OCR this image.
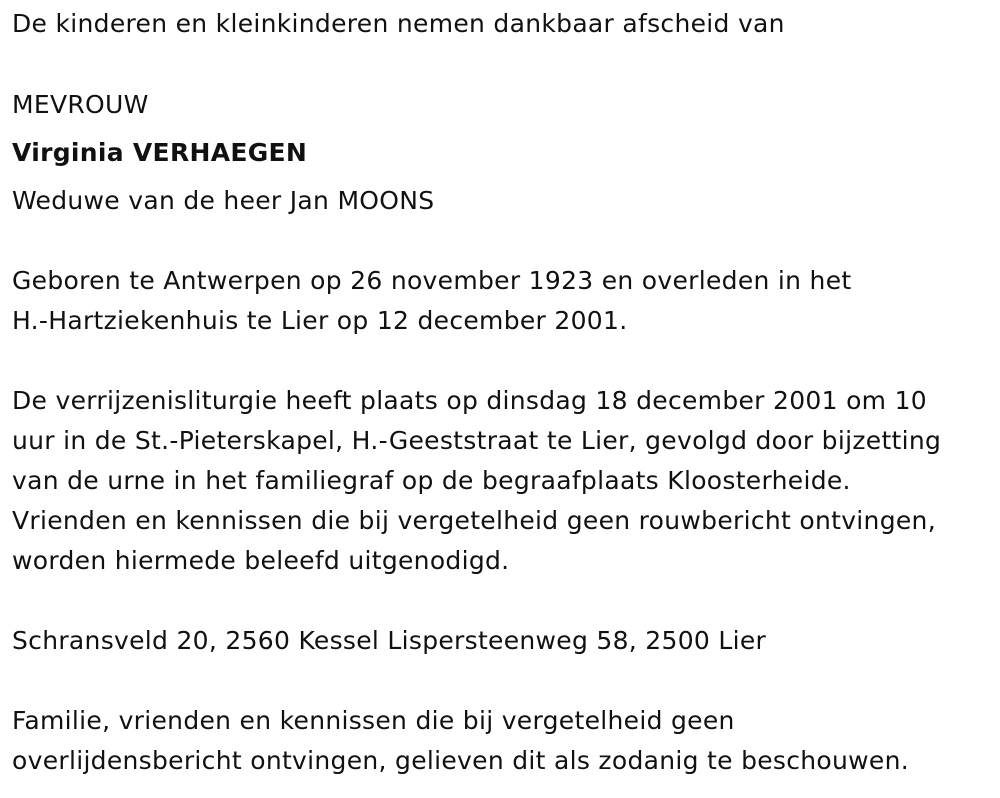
De kinderen en kleinkinderen nemen dankbaar afscheid van

MEVROUW

Virginia VERHAEGEN

Weduwe van de heer Jan MOONS

Geboren te Antwerpen op 26 november 1923 en overleden in het

H.-Hartziekenhuis te Lier op 12 december 2001.

De verrijzenisliturgie heeft plaats op dinsdag 18 december 2001 om 10

uur in de St.-Pieterskapel, H.-Geeststraat te Lier, gevolgd door bijzetting

van de urne in het familiegraf op de begraafplaats Kloosterheide.

Vrienden en kennissen die bij vergetelheid geen rouwbericht ontvingen,

worden hiermede beleefd uitgenodigd.

Schransveld 20, 2560 Kessel Lispersteenweg 58, 2500 Lier

Familie, vrienden en kennissen die bij vergetelheid geen

overlijdensbericht ontvingen, gelieven dit als zodanig te beschouwen.
